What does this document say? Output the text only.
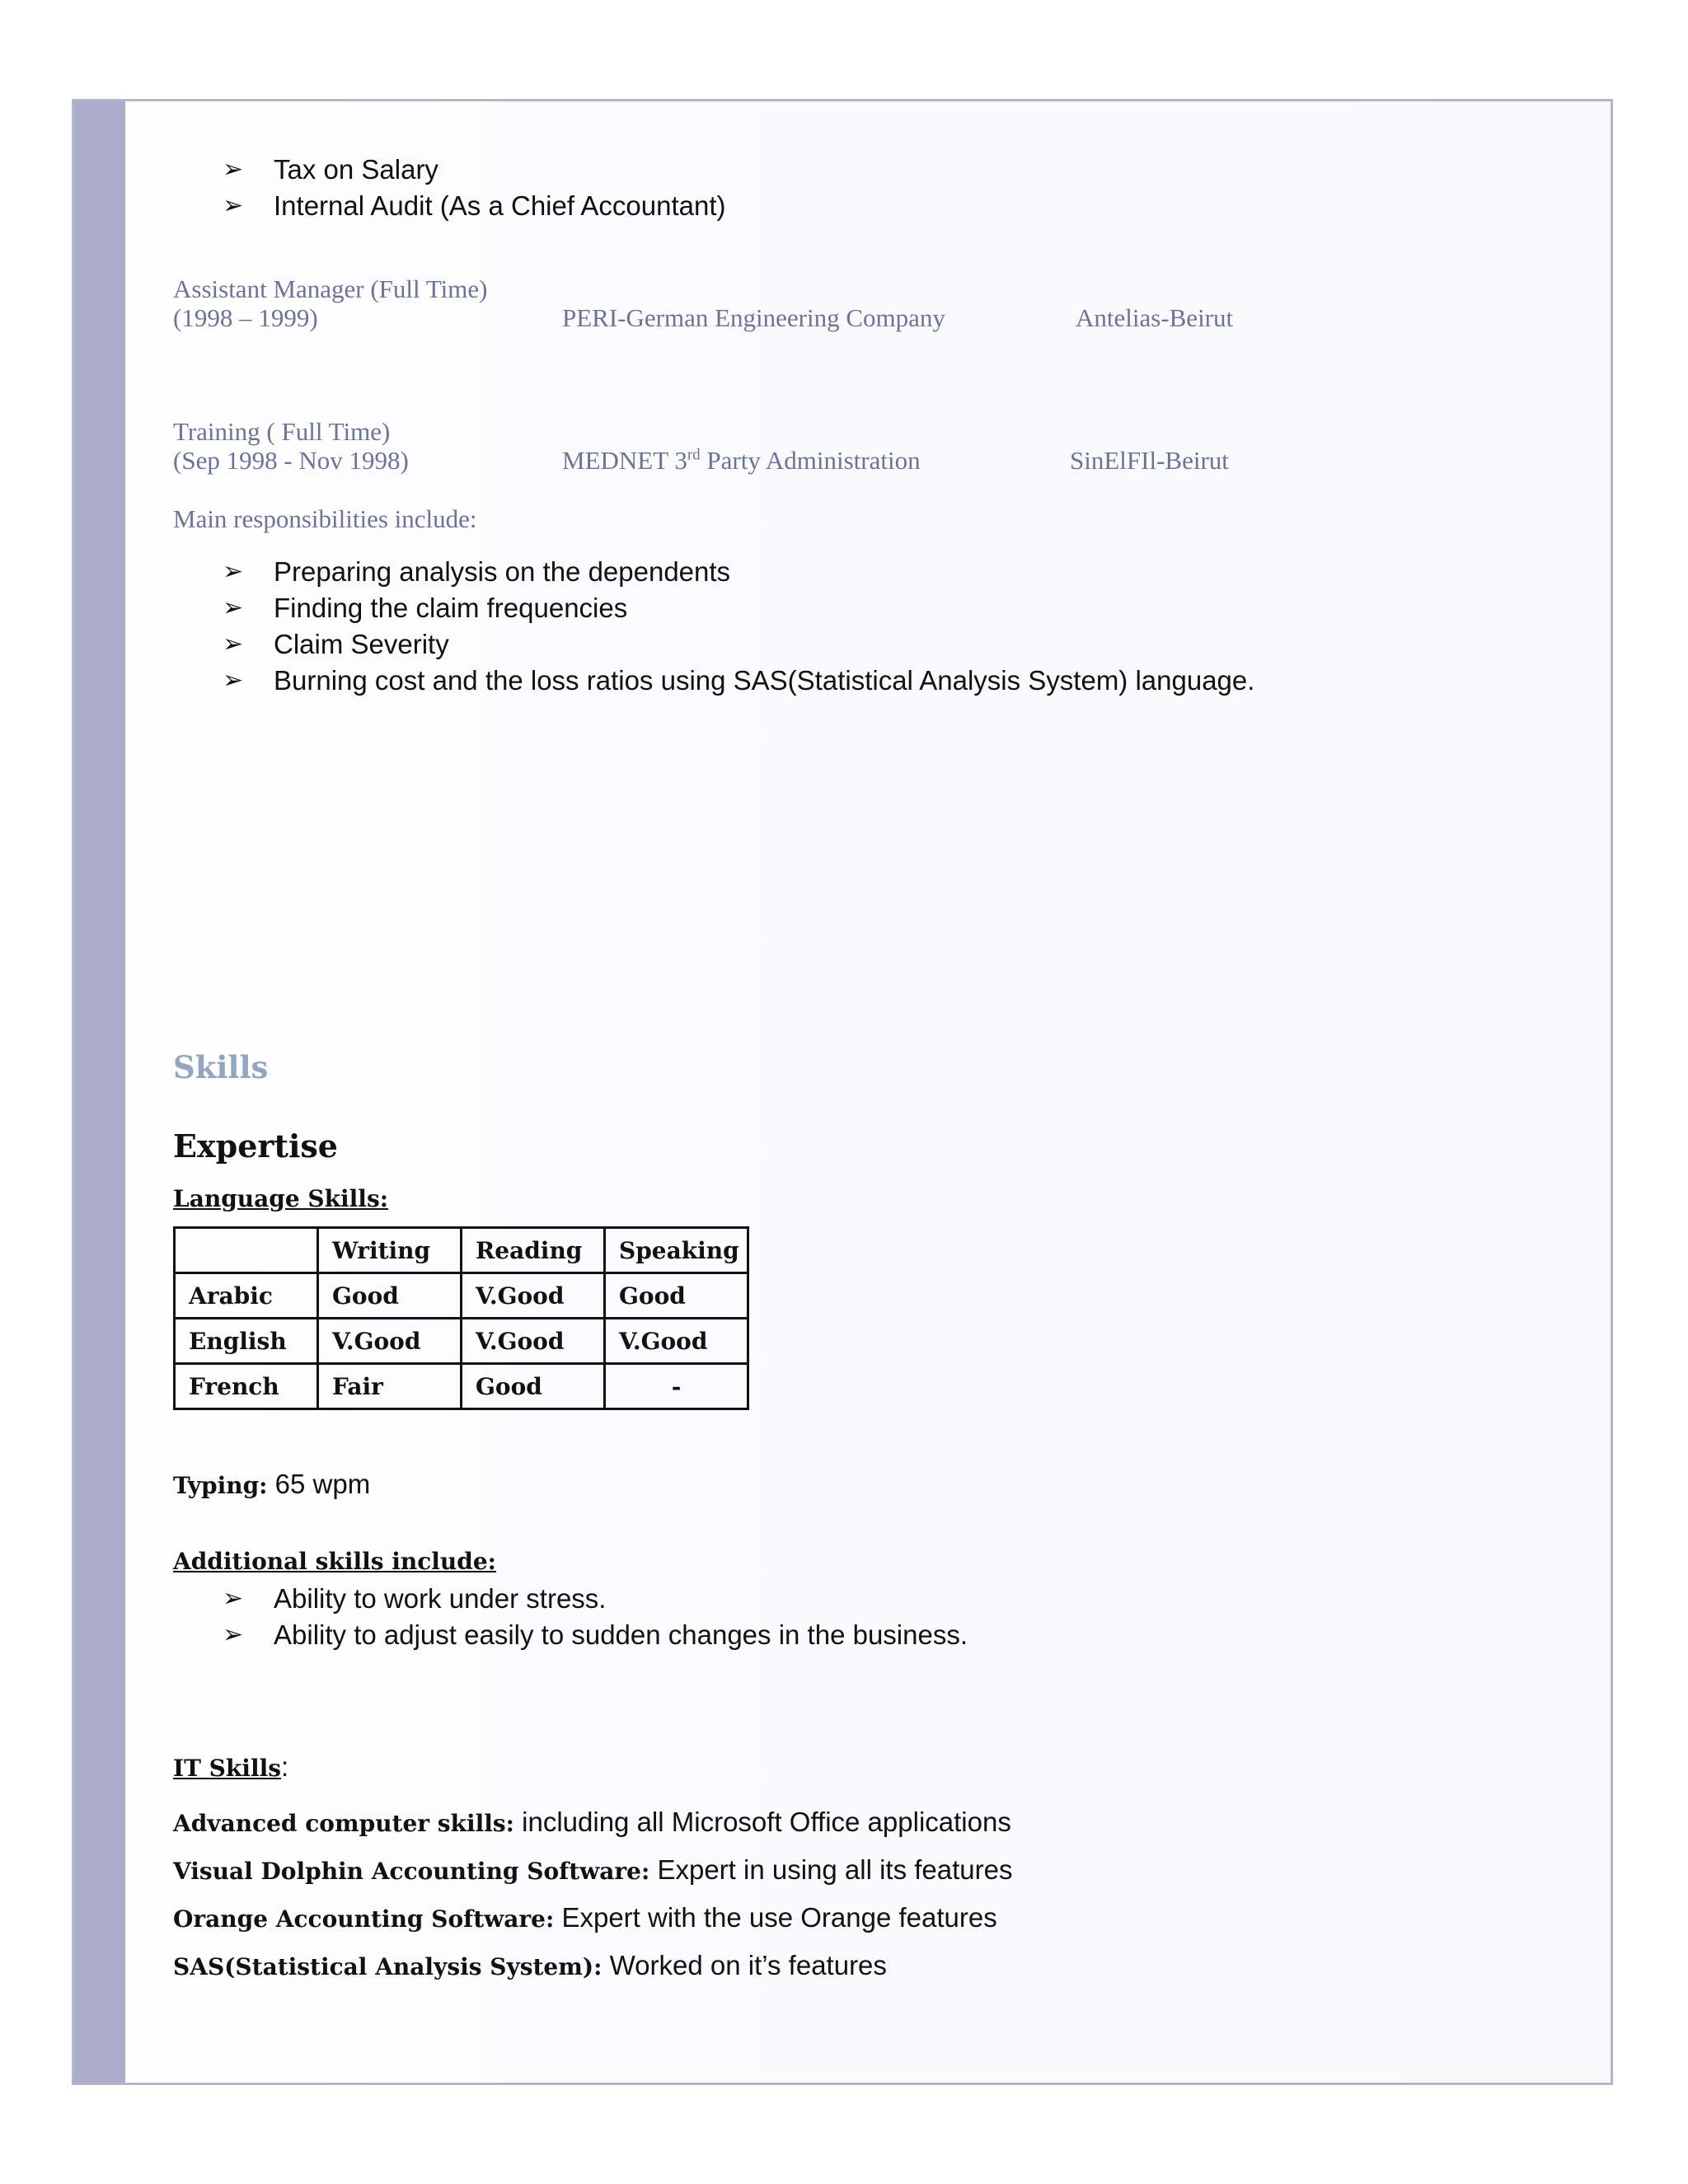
➢	Tax on Salary
➢	Internal Audit (As a Chief Accountant)
Assistant Manager (Full Time)
(1998 – 1999)	PERI-German Engineering Company	Antelias-Beirut
Training ( Full Time)
(Sep 1998 - Nov 1998)	MEDNET 3rd Party Administration	SinElFIl-Beirut
Main responsibilities include:
➢	Preparing analysis on the dependents
➢	Finding the claim frequencies
➢	Claim Severity
➢	Burning cost and the loss ratios using SAS(Statistical Analysis System) language.
Skills
Expertise
Language Skills:
	Writing	Reading	Speaking
Arabic	Good	V.Good	Good
English	V.Good	V.Good	V.Good
French	Fair	Good	-
Typing: 65 wpm
Additional skills include:
➢	Ability to work under stress.
➢	Ability to adjust easily to sudden changes in the business.
IT Skills:
Advanced computer skills: including all Microsoft Office applications
Visual Dolphin Accounting Software: Expert in using all its features
Orange Accounting Software: Expert with the use Orange features
SAS(Statistical Analysis System): Worked on it’s features
